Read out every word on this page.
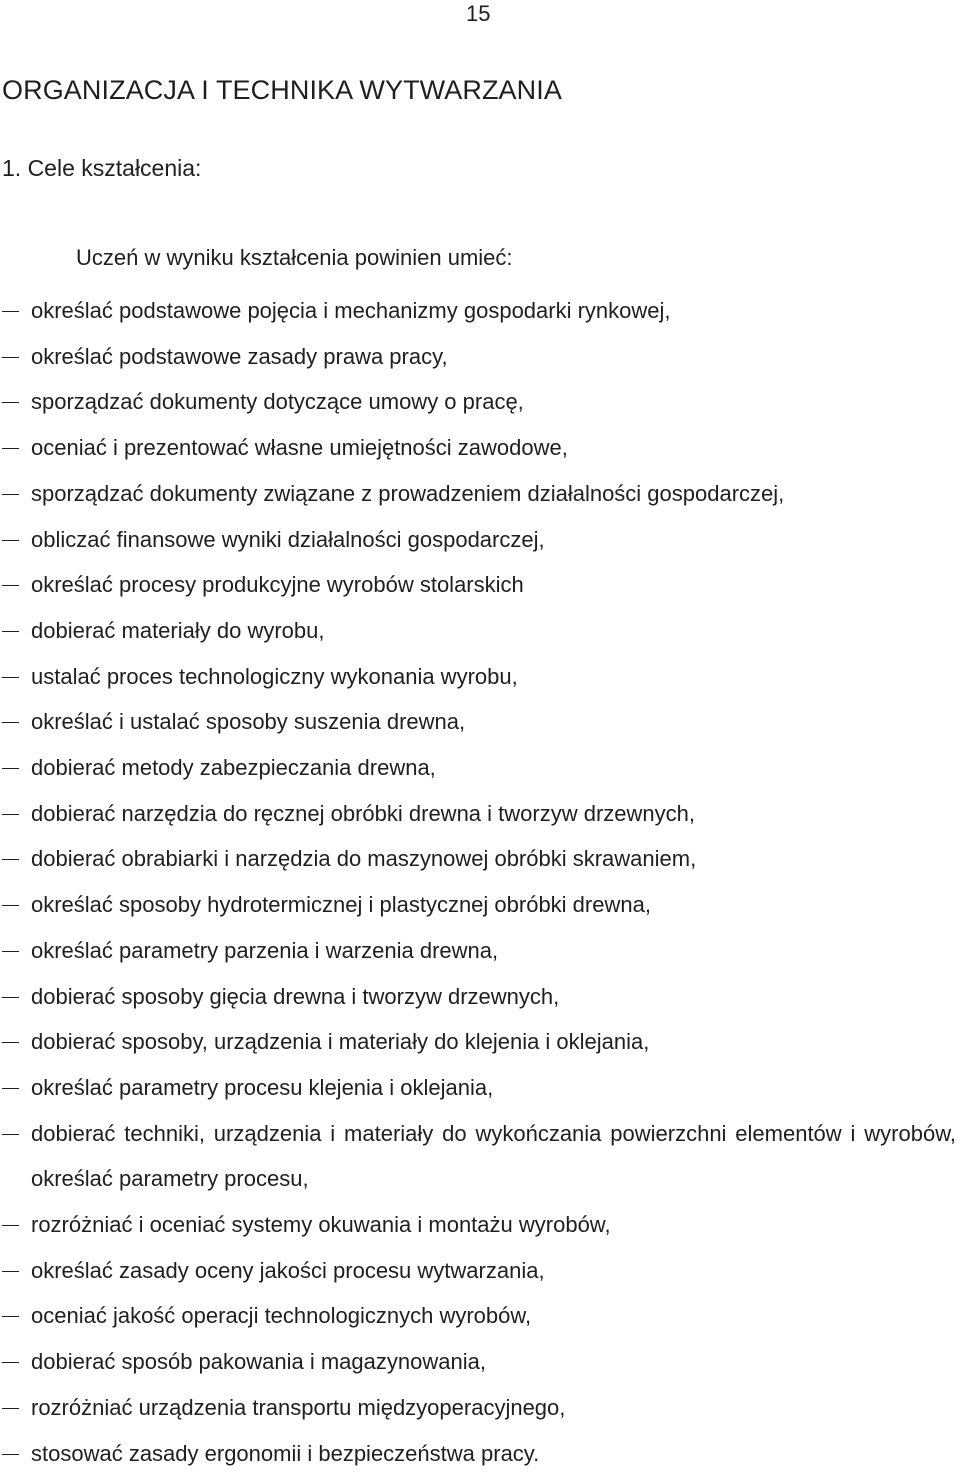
15
ORGANIZACJA I TECHNIKA WYTWARZANIA
1. Cele kształcenia:
Uczeń w wyniku kształcenia powinien umieć:
określać podstawowe pojęcia i mechanizmy gospodarki rynkowej,
określać podstawowe zasady prawa pracy,
sporządzać dokumenty dotyczące umowy o pracę,
oceniać i prezentować własne umiejętności zawodowe,
sporządzać dokumenty związane z prowadzeniem działalności gospodarczej,
obliczać finansowe wyniki działalności gospodarczej,
określać procesy produkcyjne wyrobów stolarskich
dobierać materiały do wyrobu,
ustalać proces technologiczny wykonania wyrobu,
określać i ustalać sposoby suszenia drewna,
dobierać metody zabezpieczania drewna,
dobierać narzędzia do ręcznej obróbki drewna i tworzyw drzewnych,
dobierać obrabiarki i narzędzia do maszynowej obróbki skrawaniem,
określać sposoby hydrotermicznej i plastycznej obróbki drewna,
określać parametry parzenia i warzenia drewna,
dobierać sposoby gięcia drewna i tworzyw drzewnych,
dobierać sposoby, urządzenia i materiały do klejenia i oklejania,
określać parametry procesu klejenia i oklejania,
dobierać techniki, urządzenia i materiały do wykończania powierzchni elementów i wyrobów, określać parametry procesu,
rozróżniać i oceniać systemy okuwania i montażu wyrobów,
określać zasady oceny jakości procesu wytwarzania,
oceniać jakość operacji technologicznych wyrobów,
dobierać sposób pakowania i magazynowania,
rozróżniać urządzenia transportu międzyoperacyjnego,
stosować zasady ergonomii i bezpieczeństwa pracy.
